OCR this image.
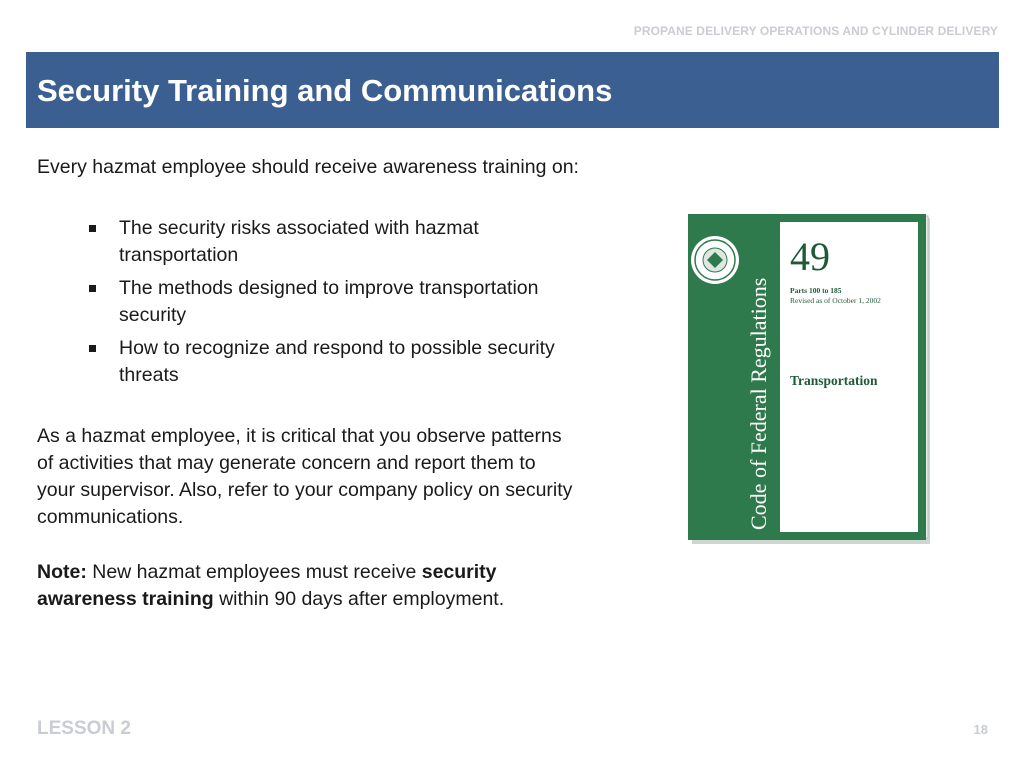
PROPANE DELIVERY OPERATIONS AND CYLINDER DELIVERY
Security Training and Communications

Every hazmat employee should receive awareness training on:

The security risks associated with hazmat transportation
The methods designed to improve transportation security
How to recognize and respond to possible security threats

As a hazmat employee, it is critical that you observe patterns of activities that may generate concern and report them to your supervisor. Also, refer to your company policy on security communications.

Note: New hazmat employees must receive security awareness training within 90 days after employment.

Code of Federal Regulations
49
Parts 100 to 185
Revised as of October 1, 2002
Transportation
LESSON 2	18
